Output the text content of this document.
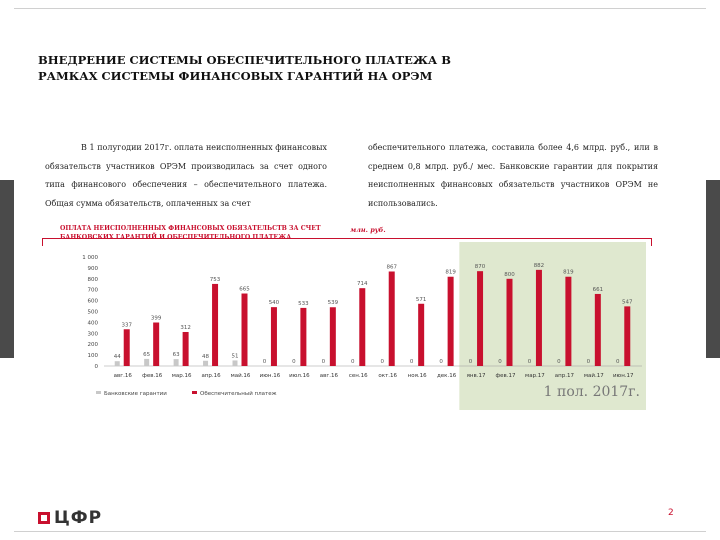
ВНЕДРЕНИЕ СИСТЕМЫ ОБЕСПЕЧИТЕЛЬНОГО ПЛАТЕЖА В РАМКАХ СИСТЕМЫ ФИНАНСОВЫХ ГАРАНТИЙ НА ОРЭМ
В 1 полугодии 2017г. оплата неисполненных финансовых обязательств участников ОРЭМ производилась за счет одного типа финансового обеспечения – обеспечительного платежа. Общая сумма обязательств, оплаченных за счет
обеспечительного платежа, составила более 4,6 млрд. руб., или в среднем 0,8 млрд. руб./ мес. Банковские гарантии для покрытия неисполненных финансовых обязательств участников ОРЭМ не использовались.
ОПЛАТА НЕИСПОЛНЕННЫХ ФИНАНСОВЫХ ОБЯЗАТЕЛЬСТВ ЗА СЧЕТ	млн. руб.
1 000
900
800
700
600
500
400
300
200
100
0
44
337
авг.16
65
399
фев.16
63
312
мар.16
48
753
апр.16
51
665
май.16
0
540
июн.16
0
533
июл.16
0
539
авг.16
0
714
сен.16
0
867
окт.16
0
571
ноя.16
0
819
дек.16
0
870
янв.17
0
800
фев.17
0
882
мар.17
0
819
апр.17
0
661
май.17
0
547
июн.17
Банковские гарантии	Обеспечительный платеж	1 пол. 2017г.
ЦФР	2
